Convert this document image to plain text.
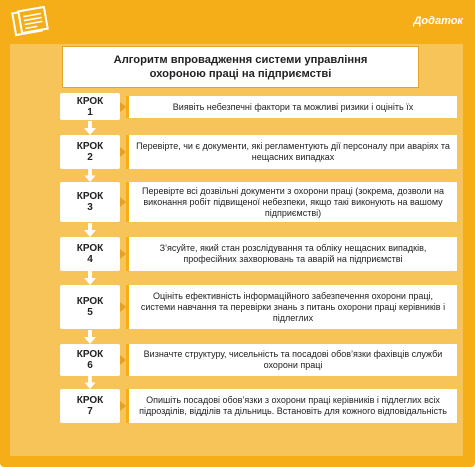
Додаток
Алгоритм впровадження системи управління
охороною праці на підприємстві
КРОК
1	Виявіть небезпечні фактори та можливі ризики і оцініть їх
КРОК
2
Перевірте, чи є документи, які регламентують дії персоналу при аваріях та нещасних випадках
КРОК
3
Перевірте всі дозвільні документи з охорони праці (зокрема, дозволи на виконання робіт підвищеної небезпеки, якщо такі виконують на вашому підприємстві)
КРОК
4
З’ясуйте, який стан розслідування та обліку нещасних випадків, професійних захворювань та аварій на підприємстві
КРОК
5
Оцініть ефективність інформаційного забезпечення охорони праці, системи навчання та перевірки знань з питань охорони праці керівників і підлеглих
КРОК
6
Визначте структуру, чисельність та посадові обов’язки фахівців служби охорони праці
КРОК
7
Опишіть посадові обов’язки з охорони праці керівників і підлеглих всіх підрозділів, відділів та дільниць. Встановіть для кожного відповідальність
